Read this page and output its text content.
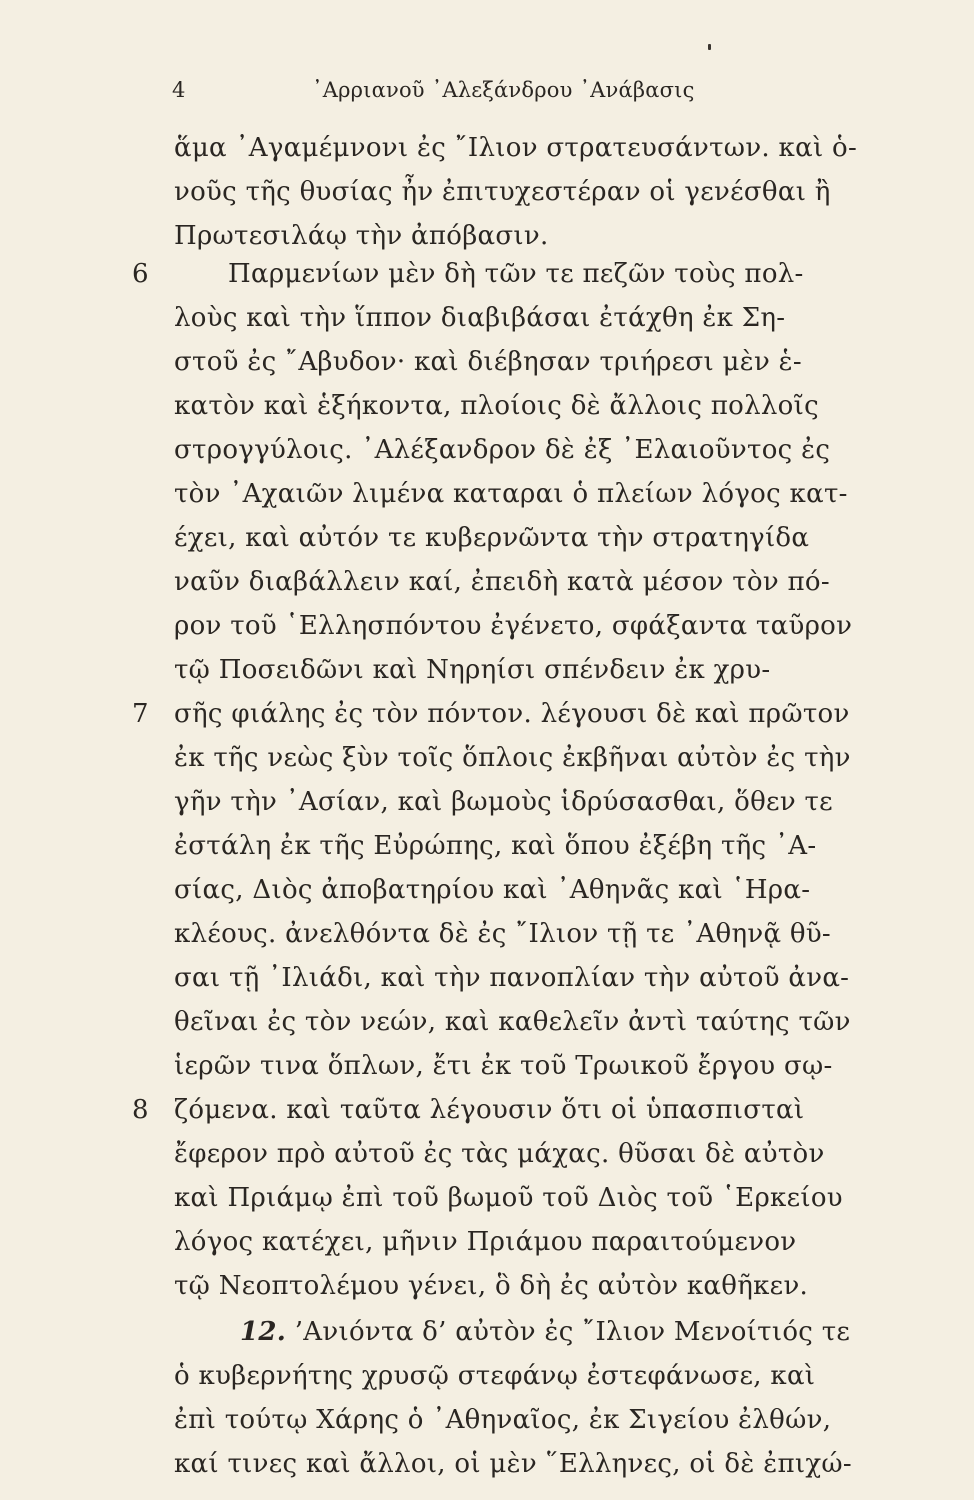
4	᾿Αρριανοῦ ᾿Αλεξάνδρου ᾿Ανάβασις
ἅμα ᾿Αγαμέμνονι ἐς ῎Ιλιον στρατευσάντων. καὶ ὁ-
νοῦς τῆς θυσίας ἦν ἐπιτυχεστέραν οἱ γενέσθαι ἢ
Πρωτεσιλάῳ τὴν ἀπόβασιν.
6	Παρμενίων μὲν δὴ τῶν τε πεζῶν τοὺς πολ-
λοὺς καὶ τὴν ἵππον διαβιβάσαι ἐτάχθη ἐκ Ση-
στοῦ ἐς ῎Αβυδον· καὶ διέβησαν τριήρεσι μὲν ἑ-
κατὸν καὶ ἑξήκοντα, πλοίοις δὲ ἄλλοις πολλοῖς
στρογγύλοις. ᾿Αλέξανδρον δὲ ἐξ ᾿Ελαιοῦντος ἐς
τὸν ᾿Αχαιῶν λιμένα καταραι ὁ πλείων λόγος κατ-
έχει, καὶ αὐτόν τε κυβερνῶντα τὴν στρατηγίδα
ναῦν διαβάλλειν καί, ἐπειδὴ κατὰ μέσον τὸν πό-
ρον τοῦ ῾Ελλησπόντου ἐγένετο, σφάξαντα ταῦρον
τῷ Ποσειδῶνι καὶ Νηρηίσι σπένδειν ἐκ χρυ-
7 σῆς φιάλης ἐς τὸν πόντον. λέγουσι δὲ καὶ πρῶτον
ἐκ τῆς νεὼς ξὺν τοῖς ὅπλοις ἐκβῆναι αὐτὸν ἐς τὴν
γῆν τὴν ᾿Ασίαν, καὶ βωμοὺς ἱδρύσασθαι, ὅθεν τε
ἐστάλη ἐκ τῆς Εὐρώπης, καὶ ὅπου ἐξέβη τῆς ᾿Α-
σίας, Διὸς ἀποβατηρίου καὶ ᾿Αθηνᾶς καὶ ῾Ηρα-
κλέους. ἀνελθόντα δὲ ἐς ῎Ιλιον τῇ τε ᾿Αθηνᾷ θῦ-
σαι τῇ ᾿Ιλιάδι, καὶ τὴν πανοπλίαν τὴν αὐτοῦ ἀνα-
θεῖναι ἐς τὸν νεών, καὶ καθελεῖν ἀντὶ ταύτης τῶν
ἱερῶν τινα ὅπλων, ἔτι ἐκ τοῦ Τρωικοῦ ἔργου σῳ-
8 ζόμενα. καὶ ταῦτα λέγουσιν ὅτι οἱ ὑπασπισταὶ
ἔφερον πρὸ αὐτοῦ ἐς τὰς μάχας. θῦσαι δὲ αὐτὸν
καὶ Πριάμῳ ἐπὶ τοῦ βωμοῦ τοῦ Διὸς τοῦ ῾Ερκείου
λόγος κατέχει, μῆνιν Πριάμου παραιτούμενον
τῷ Νεοπτολέμου γένει, ὃ δὴ ἐς αὐτὸν καθῆκεν.
12. ’Ανιόντα δ’ αὐτὸν ἐς ῎Ιλιον Μενοίτιός τε
ὁ κυβερνήτης χρυσῷ στεφάνῳ ἐστεφάνωσε, καὶ
ἐπὶ τούτῳ Χάρης ὁ ᾿Αθηναῖος, ἐκ Σιγείου ἐλθών,
καί τινες καὶ ἄλλοι, οἱ μὲν ῞Ελληνες, οἱ δὲ ἐπιχώ-
